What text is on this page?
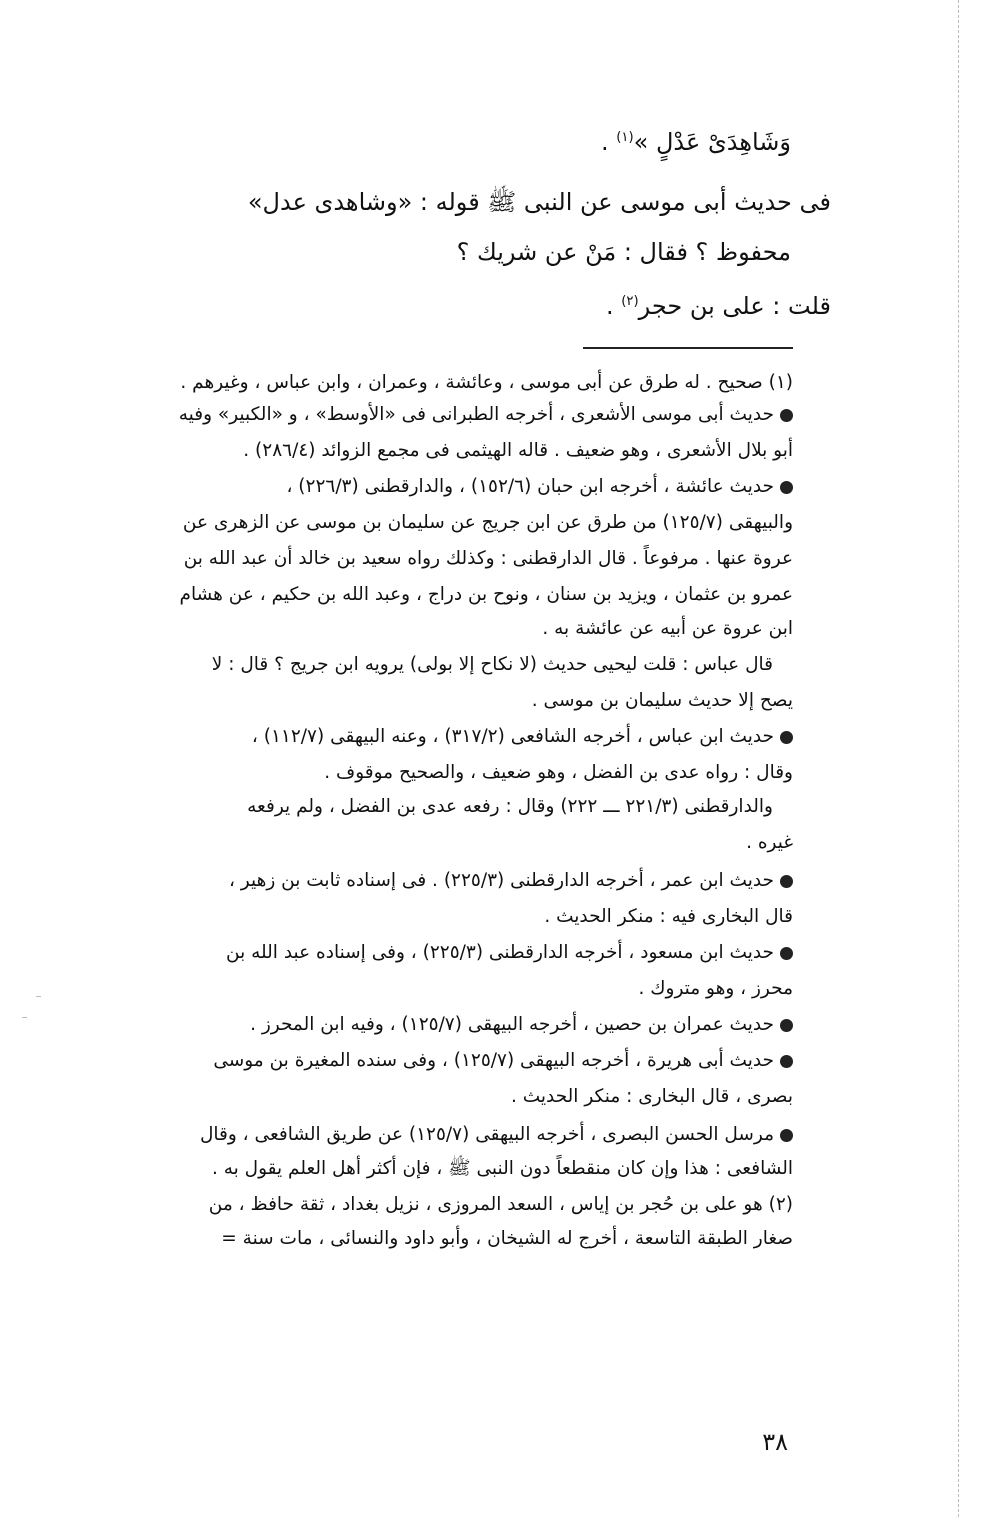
وَشَاهِدَىْ عَدْلٍ »$^{(١)}$ .
فى حديث أبى موسى عن النبى ﷺ قوله : «وشاهدى عدل»
محفوظ ؟ فقال : مَنْ عن شريك ؟
قلت : على بن حجر$^{(٢)}$ .
(١) صحيح . له طرق عن أبى موسى ، وعائشة ، وعمران ، وابن عباس ، وغيرهم .
حديث أبى موسى الأشعرى ، أخرجه الطبرانى فى «الأوسط» ، و «الكبير» وفيه
أبو بلال الأشعرى ، وهو ضعيف . قاله الهيثمى فى مجمع الزوائد (٢٨٦/٤) .
حديث عائشة ، أخرجه ابن حبان (١٥٢/٦) ، والدارقطنى (٢٢٦/٣) ،
والبيهقى (١٢٥/٧) من طرق عن ابن جريج عن سليمان بن موسى عن الزهرى عن
عروة عنها . مرفوعاً . قال الدارقطنى : وكذلك رواه سعيد بن خالد أن عبد الله بن
عمرو بن عثمان ، ويزيد بن سنان ، ونوح بن دراج ، وعبد الله بن حكيم ، عن هشام
ابن عروة عن أبيه عن عائشة به .
قال عباس : قلت ليحيى حديث (لا نكاح إلا بولى) يرويه ابن جريج ؟ قال : لا
يصح إلا حديث سليمان بن موسى .
حديث ابن عباس ، أخرجه الشافعى (٣١٧/٢) ، وعنه البيهقى (١١٢/٧) ،
وقال : رواه عدى بن الفضل ، وهو ضعيف ، والصحيح موقوف .
والدارقطنى (٢٢١/٣ ـــ ٢٢٢) وقال : رفعه عدى بن الفضل ، ولم يرفعه
غيره .
حديث ابن عمر ، أخرجه الدارقطنى (٢٢٥/٣) . فى إسناده ثابت بن زهير ،
قال البخارى فيه : منكر الحديث .
حديث ابن مسعود ، أخرجه الدارقطنى (٢٢٥/٣) ، وفى إسناده عبد الله بن
محرز ، وهو متروك .
حديث عمران بن حصين ، أخرجه البيهقى (١٢٥/٧) ، وفيه ابن المحرز .
حديث أبى هريرة ، أخرجه البيهقى (١٢٥/٧) ، وفى سنده المغيرة بن موسى
بصرى ، قال البخارى : منكر الحديث .
مرسل الحسن البصرى ، أخرجه البيهقى (١٢٥/٧) عن طريق الشافعى ، وقال
الشافعى : هذا وإن كان منقطعاً دون النبى ﷺ ، فإن أكثر أهل العلم يقول به .
(٢) هو على بن حُجر بن إياس ، السعد المروزى ، نزيل بغداد ، ثقة حافظ ، من
صغار الطبقة التاسعة ، أخرج له الشيخان ، وأبو داود والنسائى ، مات سنة =
٣٨
